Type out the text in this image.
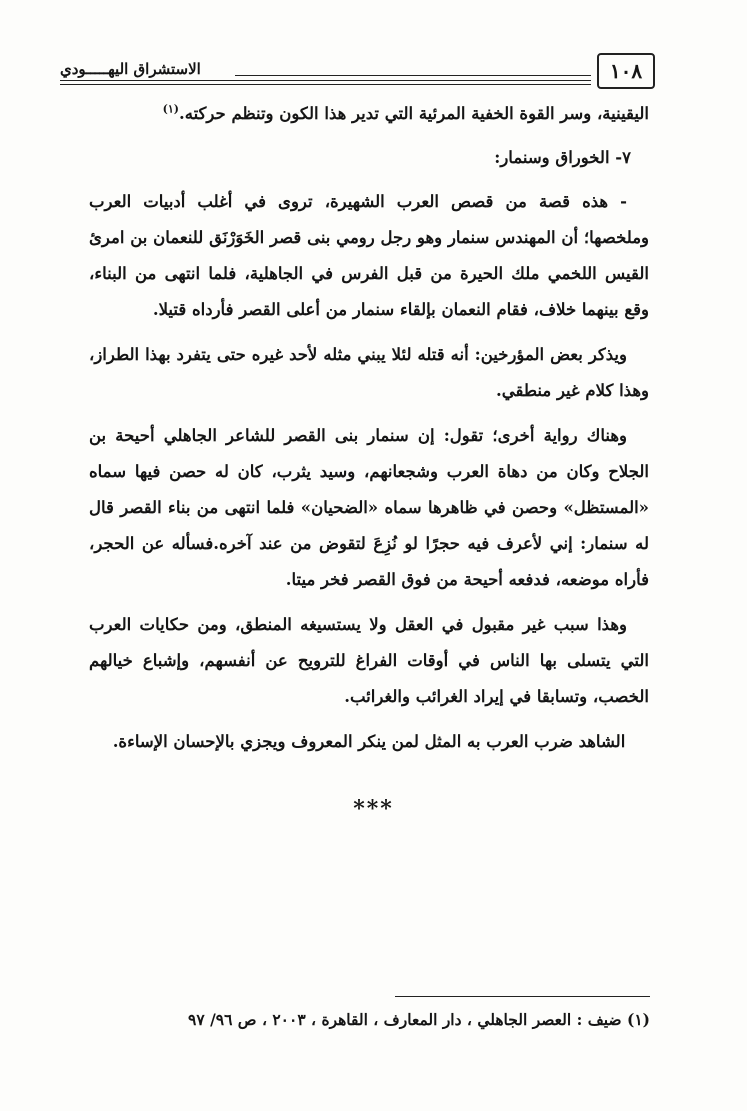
١٠٨
الاستشراق اليهـــــودي

اليقينية، وسر القوة الخفية المرئية التي تدير هذا الكون وتنظم حركته.$^{(١)}$

٧- الخوراق وسنمار:

- هذه قصة من قصص العرب الشهيرة، تروى في أغلب أدبيات العرب وملخصها؛ أن المهندس سنمار وهو رجل رومي بنى قصر الخَوَرْنَق للنعمان بن امرئ القيس اللخمي ملك الحيرة من قبل الفرس في الجاهلية، فلما انتهى من البناء، وقع بينهما خلاف، فقام النعمان بإلقاء سنمار من أعلى القصر فأرداه قتيلا.

ويذكر بعض المؤرخين: أنه قتله لئلا يبني مثله لأحد غيره حتى يتفرد بهذا الطراز، وهذا كلام غير منطقي.

وهناك رواية أخرى؛ تقول: إن سنمار بنى القصر للشاعر الجاهلي أحيحة بن الجلاح وكان من دهاة العرب وشجعانهم، وسيد يثرب، كان له حصن فيها سماه «المستظل» وحصن في ظاهرها سماه «الضحيان» فلما انتهى من بناء القصر قال له سنمار: إني لأعرف فيه حجرًا لو نُزِعَ لتقوض من عند آخره.فسأله عن الحجر، فأراه موضعه، فدفعه أحيحة من فوق القصر فخر ميتا.

وهذا سبب غير مقبول في العقل ولا يستسيغه المنطق، ومن حكايات العرب التي يتسلى بها الناس في أوقات الفراغ للترويح عن أنفسهم، وإشباع خيالهم الخصب، وتسابقا في إيراد الغرائب والغرائب.

الشاهد ضرب العرب به المثل لمن ينكر المعروف ويجزي بالإحسان الإساءة.

***
(١) ضيف : العصر الجاهلي ، دار المعارف ، القاهرة ، ٢٠٠٣ ، ص ٩٦/ ٩٧
